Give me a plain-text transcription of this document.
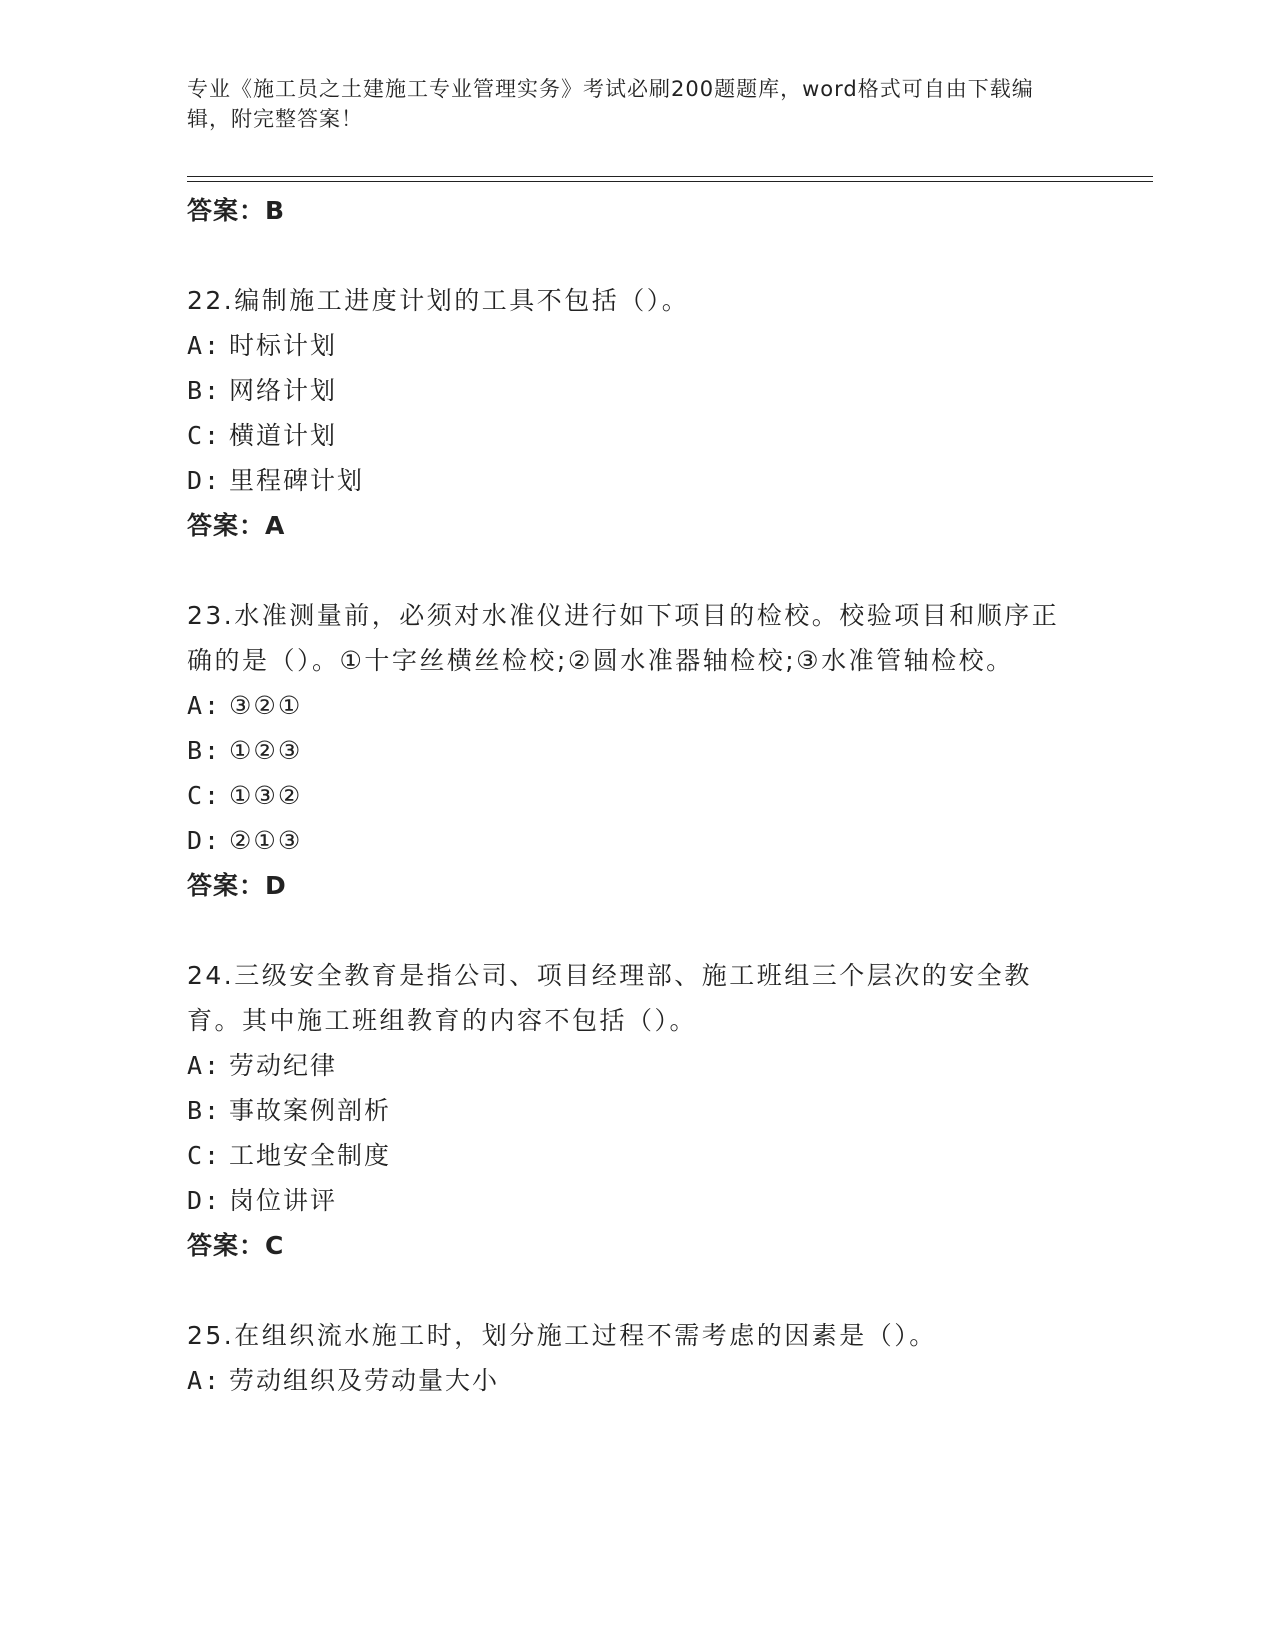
专业《施工员之土建施工专业管理实务》考试必刷200题题库，word格式可自由下载编辑，附完整答案！
答案：B
22.编制施工进度计划的工具不包括（）。
A: 时标计划
B: 网络计划
C: 横道计划
D: 里程碑计划
答案：A
23.水准测量前，必须对水准仪进行如下项目的检校。校验项目和顺序正确的是（）。①十字丝横丝检校;②圆水准器轴检校;③水准管轴检校。
A: ③②①
B: ①②③
C: ①③②
D: ②①③
答案：D
24.三级安全教育是指公司、项目经理部、施工班组三个层次的安全教育。其中施工班组教育的内容不包括（）。
A: 劳动纪律
B: 事故案例剖析
C: 工地安全制度
D: 岗位讲评
答案：C
25.在组织流水施工时，划分施工过程不需考虑的因素是（）。
A: 劳动组织及劳动量大小
